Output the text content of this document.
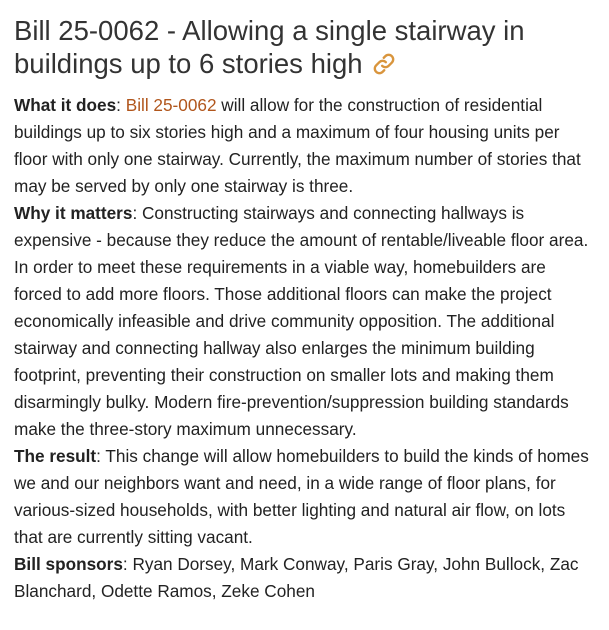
Bill 25-0062 - Allowing a single stairway in buildings up to 6 stories high

What it does: Bill 25-0062 will allow for the construction of residential buildings up to six stories high and a maximum of four housing units per floor with only one stairway. Currently, the maximum number of stories that may be served by only one stairway is three.

Why it matters: Constructing stairways and connecting hallways is expensive - because they reduce the amount of rentable/liveable floor area. In order to meet these requirements in a viable way, homebuilders are forced to add more floors. Those additional floors can make the project economically infeasible and drive community opposition. The additional stairway and connecting hallway also enlarges the minimum building footprint, preventing their construction on smaller lots and making them disarmingly bulky. Modern fire-prevention/suppression building standards make the three-story maximum unnecessary.

The result: This change will allow homebuilders to build the kinds of homes we and our neighbors want and need, in a wide range of floor plans, for various-sized households, with better lighting and natural air flow, on lots that are currently sitting vacant.

Bill sponsors: Ryan Dorsey, Mark Conway, Paris Gray, John Bullock, Zac Blanchard, Odette Ramos, Zeke Cohen
